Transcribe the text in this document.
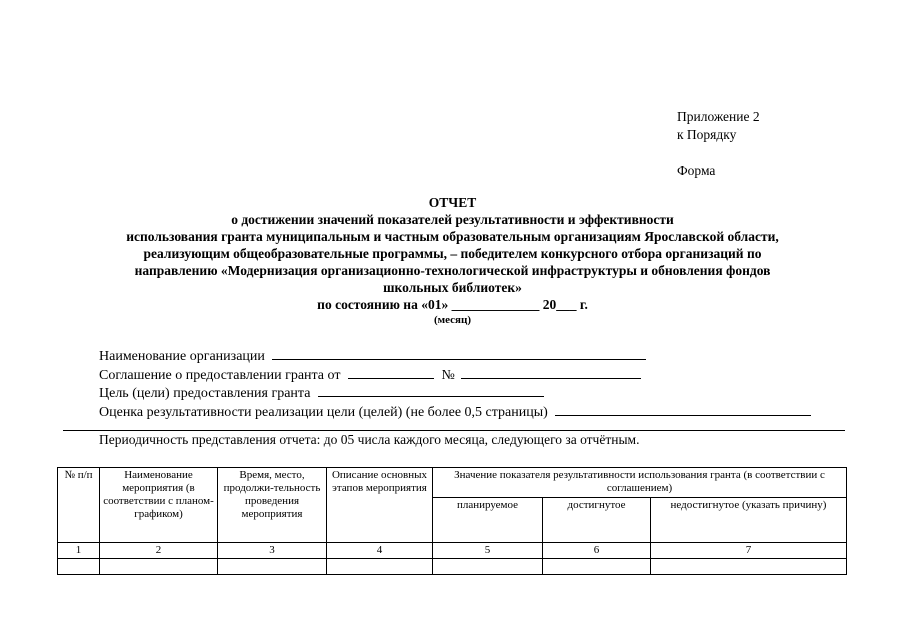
Приложение 2
к Порядку
Форма
ОТЧЕТ
о достижении значений показателей результативности и эффективности
использования гранта муниципальным и частным образовательным организациям Ярославской области,
реализующим общеобразовательные программы, – победителем конкурсного отбора организаций по
направлению «Модернизация организационно-технологической инфраструктуры и обновления фондов
школьных библиотек»
по состоянию на «01» _____________ 20___ г.
(месяц)
Наименование организации
Соглашение о предоставлении гранта от	№
Цель (цели) предоставления гранта
Оценка результативности реализации цели (целей) (не более 0,5 страницы)
Периодичность представления отчета: до 05 числа каждого месяца, следующего за отчётным.
№ п/п	Наименование мероприятия (в соответствии с планом-графиком)	Время, место, продолжи-тельность проведения мероприятия	Описание основных этапов мероприятия	Значение показателя результативности использования гранта (в соответствии с соглашением)		
				планируемое	достигнутое	недостигнутое (указать причину)
1	2	3	4	5	6	7
